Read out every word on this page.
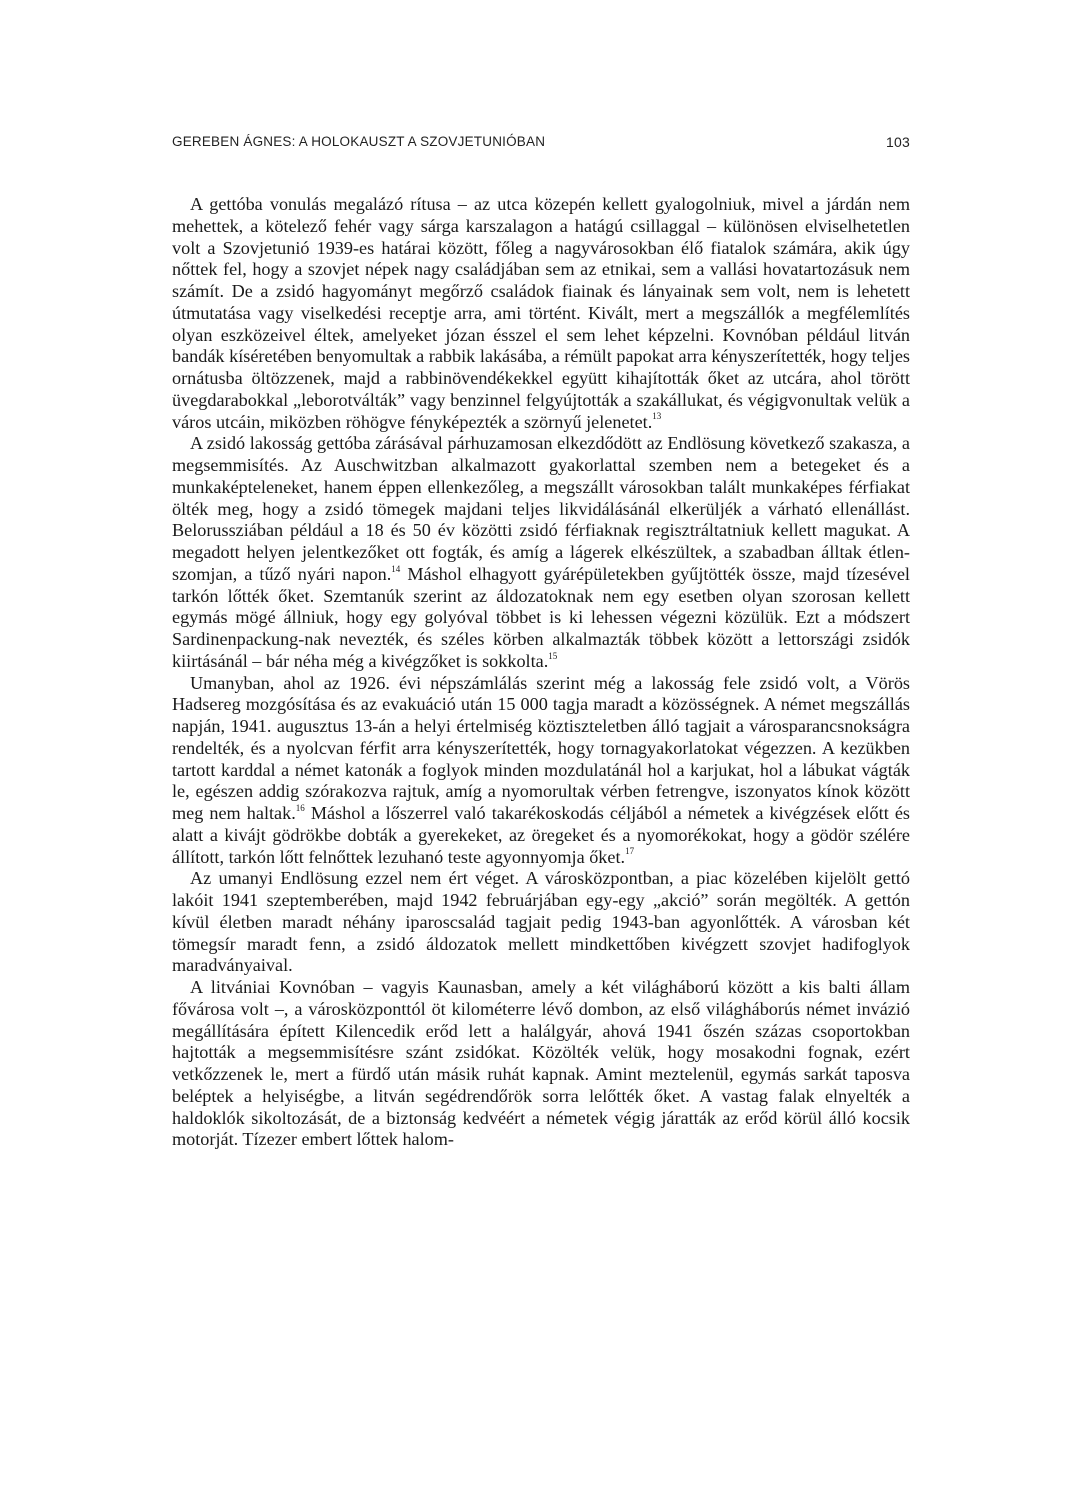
GEREBEN ÁGNES: A HOLOKAUSZT A SZOVJETUNIÓBAN	103

A gettóba vonulás megalázó rítusa – az utca közepén kellett gyalogolniuk, mivel a járdán nem mehettek, a kötelező fehér vagy sárga karszalagon a hatágú csillaggal – különösen elviselhetetlen volt a Szovjetunió 1939-es határai között, főleg a nagyvárosokban élő fiatalok számára, akik úgy nőttek fel, hogy a szovjet népek nagy családjában sem az etnikai, sem a vallási hovatartozásuk nem számít. De a zsidó hagyományt megőrző családok fiainak és lányainak sem volt, nem is lehetett útmutatása vagy viselkedési receptje arra, ami történt. Kivált, mert a megszállók a megfélemlítés olyan eszközeivel éltek, amelyeket józan ésszel el sem lehet képzelni. Kovnóban például litván bandák kíséretében benyomultak a rabbik lakásába, a rémült papokat arra kényszerítették, hogy teljes ornátusba öltözzenek, majd a rabbinövendékekkel együtt kihajították őket az utcára, ahol törött üvegdarabokkal „leborotválták” vagy benzinnel felgyújtották a szakállukat, és végigvonultak velük a város utcáin, miközben röhögve fényképezték a szörnyű jelenetet.$^{13}$

A zsidó lakosság gettóba zárásával párhuzamosan elkezdődött az Endlösung következő szakasza, a megsemmisítés. Az Auschwitzban alkalmazott gyakorlattal szemben nem a betegeket és a munkaképteleneket, hanem éppen ellenkezőleg, a megszállt városokban talált munkaképes férfiakat ölték meg, hogy a zsidó tömegek majdani teljes likvidálásánál elkerüljék a várható ellenállást. Belorussziában például a 18 és 50 év közötti zsidó férfiaknak regisztráltatniuk kellett magukat. A megadott helyen jelentkezőket ott fogták, és amíg a lágerek elkészültek, a szabadban álltak étlen-szomjan, a tűző nyári napon.$^{14}$ Máshol elhagyott gyárépületekben gyűjtötték össze, majd tízesével tarkón lőtték őket. Szemtanúk szerint az áldozatoknak nem egy esetben olyan szorosan kellett egymás mögé állniuk, hogy egy golyóval többet is ki lehessen végezni közülük. Ezt a módszert Sardinenpackung-nak nevezték, és széles körben alkalmazták többek között a lettországi zsidók kiirtásánál – bár néha még a kivégzőket is sokkolta.$^{15}$

Umanyban, ahol az 1926. évi népszámlálás szerint még a lakosság fele zsidó volt, a Vörös Hadsereg mozgósítása és az evakuáció után 15 000 tagja maradt a közösségnek. A német megszállás napján, 1941. augusztus 13-án a helyi értelmiség köztiszteletben álló tagjait a városparancsnokságra rendelték, és a nyolcvan férfit arra kényszerítették, hogy tornagyakorlatokat végezzen. A kezükben tartott karddal a német katonák a foglyok minden mozdulatánál hol a karjukat, hol a lábukat vágták le, egészen addig szórakozva rajtuk, amíg a nyomorultak vérben fetrengve, iszonyatos kínok között meg nem haltak.$^{16}$ Máshol a lőszerrel való takarékoskodás céljából a németek a kivégzések előtt és alatt a kivájt gödrökbe dobták a gyerekeket, az öregeket és a nyomorékokat, hogy a gödör szélére állított, tarkón lőtt felnőttek lezuhanó teste agyonnyomja őket.$^{17}$

Az umanyi Endlösung ezzel nem ért véget. A városközpontban, a piac közelében kijelölt gettó lakóit 1941 szeptemberében, majd 1942 februárjában egy-egy „akció” során megölték. A gettón kívül életben maradt néhány iparoscsalád tagjait pedig 1943-ban agyonlőtték. A városban két tömegsír maradt fenn, a zsidó áldozatok mellett mindkettőben kivégzett szovjet hadifoglyok maradványaival.

A litvániai Kovnóban – vagyis Kaunasban, amely a két világháború között a kis balti állam fővárosa volt –, a városközponttól öt kilométerre lévő dombon, az első világháborús német invázió megállítására épített Kilencedik erőd lett a halálgyár, ahová 1941 őszén százas csoportokban hajtották a megsemmisítésre szánt zsidókat. Közölték velük, hogy mosakodni fognak, ezért vetkőzzenek le, mert a fürdő után másik ruhát kapnak. Amint meztelenül, egymás sarkát taposva beléptek a helyiségbe, a litván segédrendőrök sorra lelőtték őket. A vastag falak elnyelték a haldoklók sikoltozását, de a biztonság kedvéért a németek végig járatták az erőd körül álló kocsik motorját. Tízezer embert lőttek halom-
